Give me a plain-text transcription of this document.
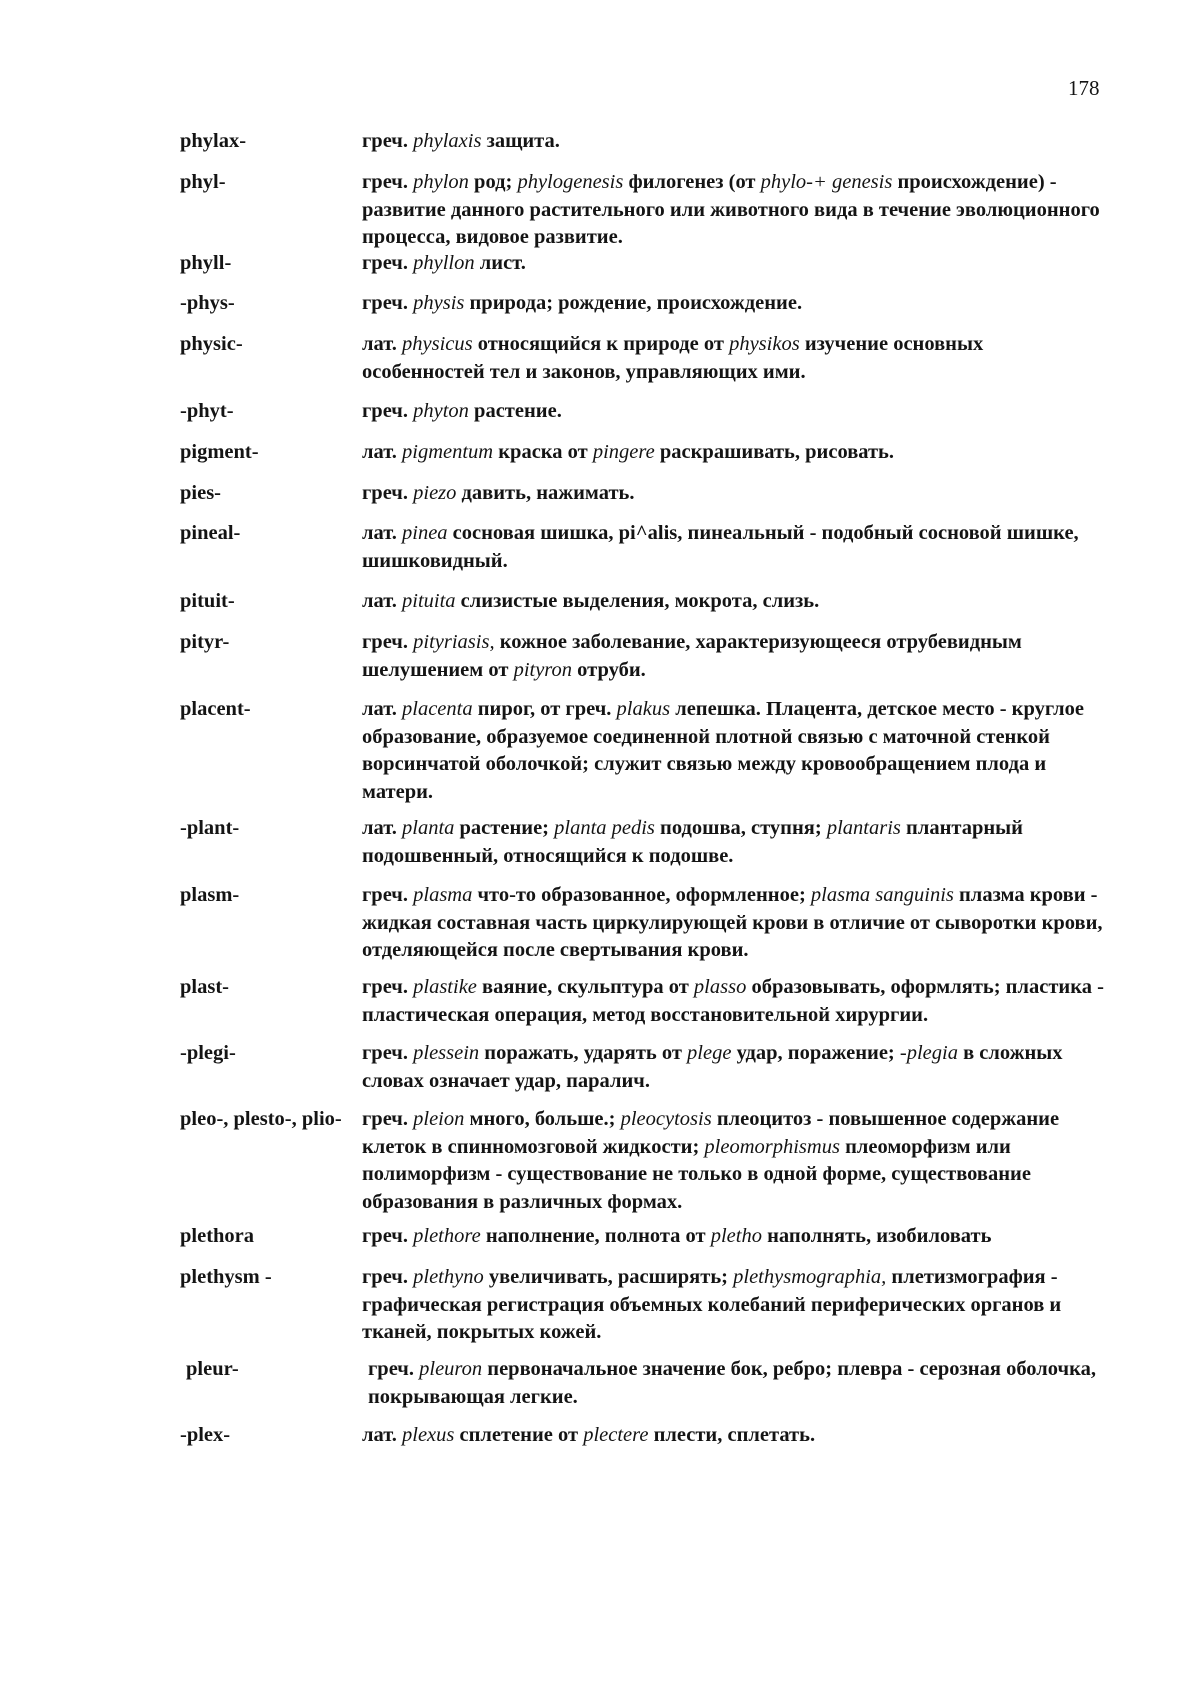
178
phylax-	греч. phylaxis защита.
phyl-	греч. phylon род; phylogenesis филогенез (от phylo-+ genesis происхождение) - развитие данного растительного или животного вида в течение эволюционного процесса, видовое развитие.
phyll-	греч. phyllon лист.
-phys-	греч. physis природа; рождение, происхождение.
physic-	лат. physicus относящийся к природе от physikos изучение основных особенностей тел и законов, управляющих ими.
-phyt-	греч. phyton растение.
pigment-	лат. pigmentum краска от pingere раскрашивать, рисовать.
pies-	греч. piezo давить, нажимать.
pineal-	лат. pinea сосновая шишка, pi^alis, пинеальный - подобный сосновой шишке, шишковидный.
pituit-	лат. pituita слизистые выделения, мокрота, слизь.
pityr-	греч. pityriasis, кожное заболевание, характеризующееся отрубевидным шелушением от pityron отруби.
placent-	лат. placenta пирог, от греч. plakus лепешка. Плацента, детское место - круглое образование, образуемое соединенной плотной связью с маточной стенкой ворсинчатой оболочкой; служит связью между кровообращением плода и матери.
-plant-	лат. planta растение; planta pedis подошва, ступня; plantaris плантарный подошвенный, относящийся к подошве.
plasm-	греч. plasma что-то образованное, оформленное; plasma sanguinis плазма крови - жидкая составная часть циркулирующей крови в отличие от сыворотки крови, отделяющейся после свертывания крови.
plast-	греч. plastike ваяние, скульптура от plasso образовывать, оформлять; пластика - пластическая операция, метод восстановительной хирургии.
-plegi-	греч. plessein поражать, ударять от plege удар, поражение; -plegia в сложных словах означает удар, паралич.
pleo-, plesto-, plio- греч. pleion много, больше.; pleocytosis плеоцитоз - повышенное содержание клеток в спинномозговой жидкости; pleomorphismus плеоморфизм или полиморфизм - существование не только в одной форме, существование образования в различных формах.
plethora	греч. plethore наполнение, полнота от pletho наполнять, изобиловать
plethysm -	греч. plethyno увеличивать, расширять; plethysmographia, плетизмография - графическая регистрация объемных колебаний периферических органов и тканей, покрытых кожей.
pleur-	греч. pleuron первоначальное значение бок, ребро; плевра - серозная оболочка, покрывающая легкие.
-plex-	лат. plexus сплетение от plectere плести, сплетать.
